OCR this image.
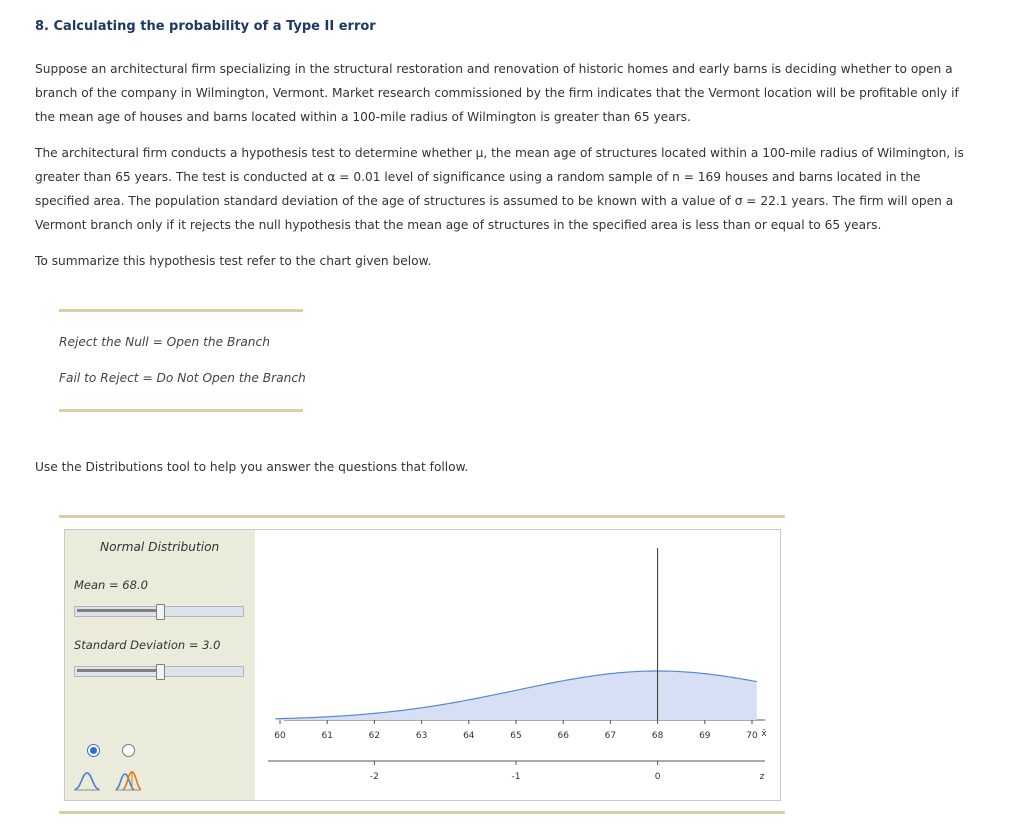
8. Calculating the probability of a Type II error

Suppose an architectural firm specializing in the structural restoration and renovation of historic homes and early barns is deciding whether to open a branch of the company in Wilmington, Vermont. Market research commissioned by the firm indicates that the Vermont location will be profitable only if the mean age of houses and barns located within a 100-mile radius of Wilmington is greater than 65 years.

The architectural firm conducts a hypothesis test to determine whether μ, the mean age of structures located within a 100-mile radius of Wilmington, is greater than 65 years. The test is conducted at α = 0.01 level of significance using a random sample of n = 169 houses and barns located in the specified area. The population standard deviation of the age of structures is assumed to be known with a value of σ = 22.1 years. The firm will open a Vermont branch only if it rejects the null hypothesis that the mean age of structures in the specified area is less than or equal to 65 years.

To summarize this hypothesis test refer to the chart given below.

Reject the Null = Open the Branch
Fail to Reject = Do Not Open the Branch

Use the Distributions tool to help you answer the questions that follow.

Normal Distribution
Mean = 68.0
Standard Deviation = 3.0
60	61	62	63	64	65	66	67	68	69	70 x̄
-2	-1	0	z
